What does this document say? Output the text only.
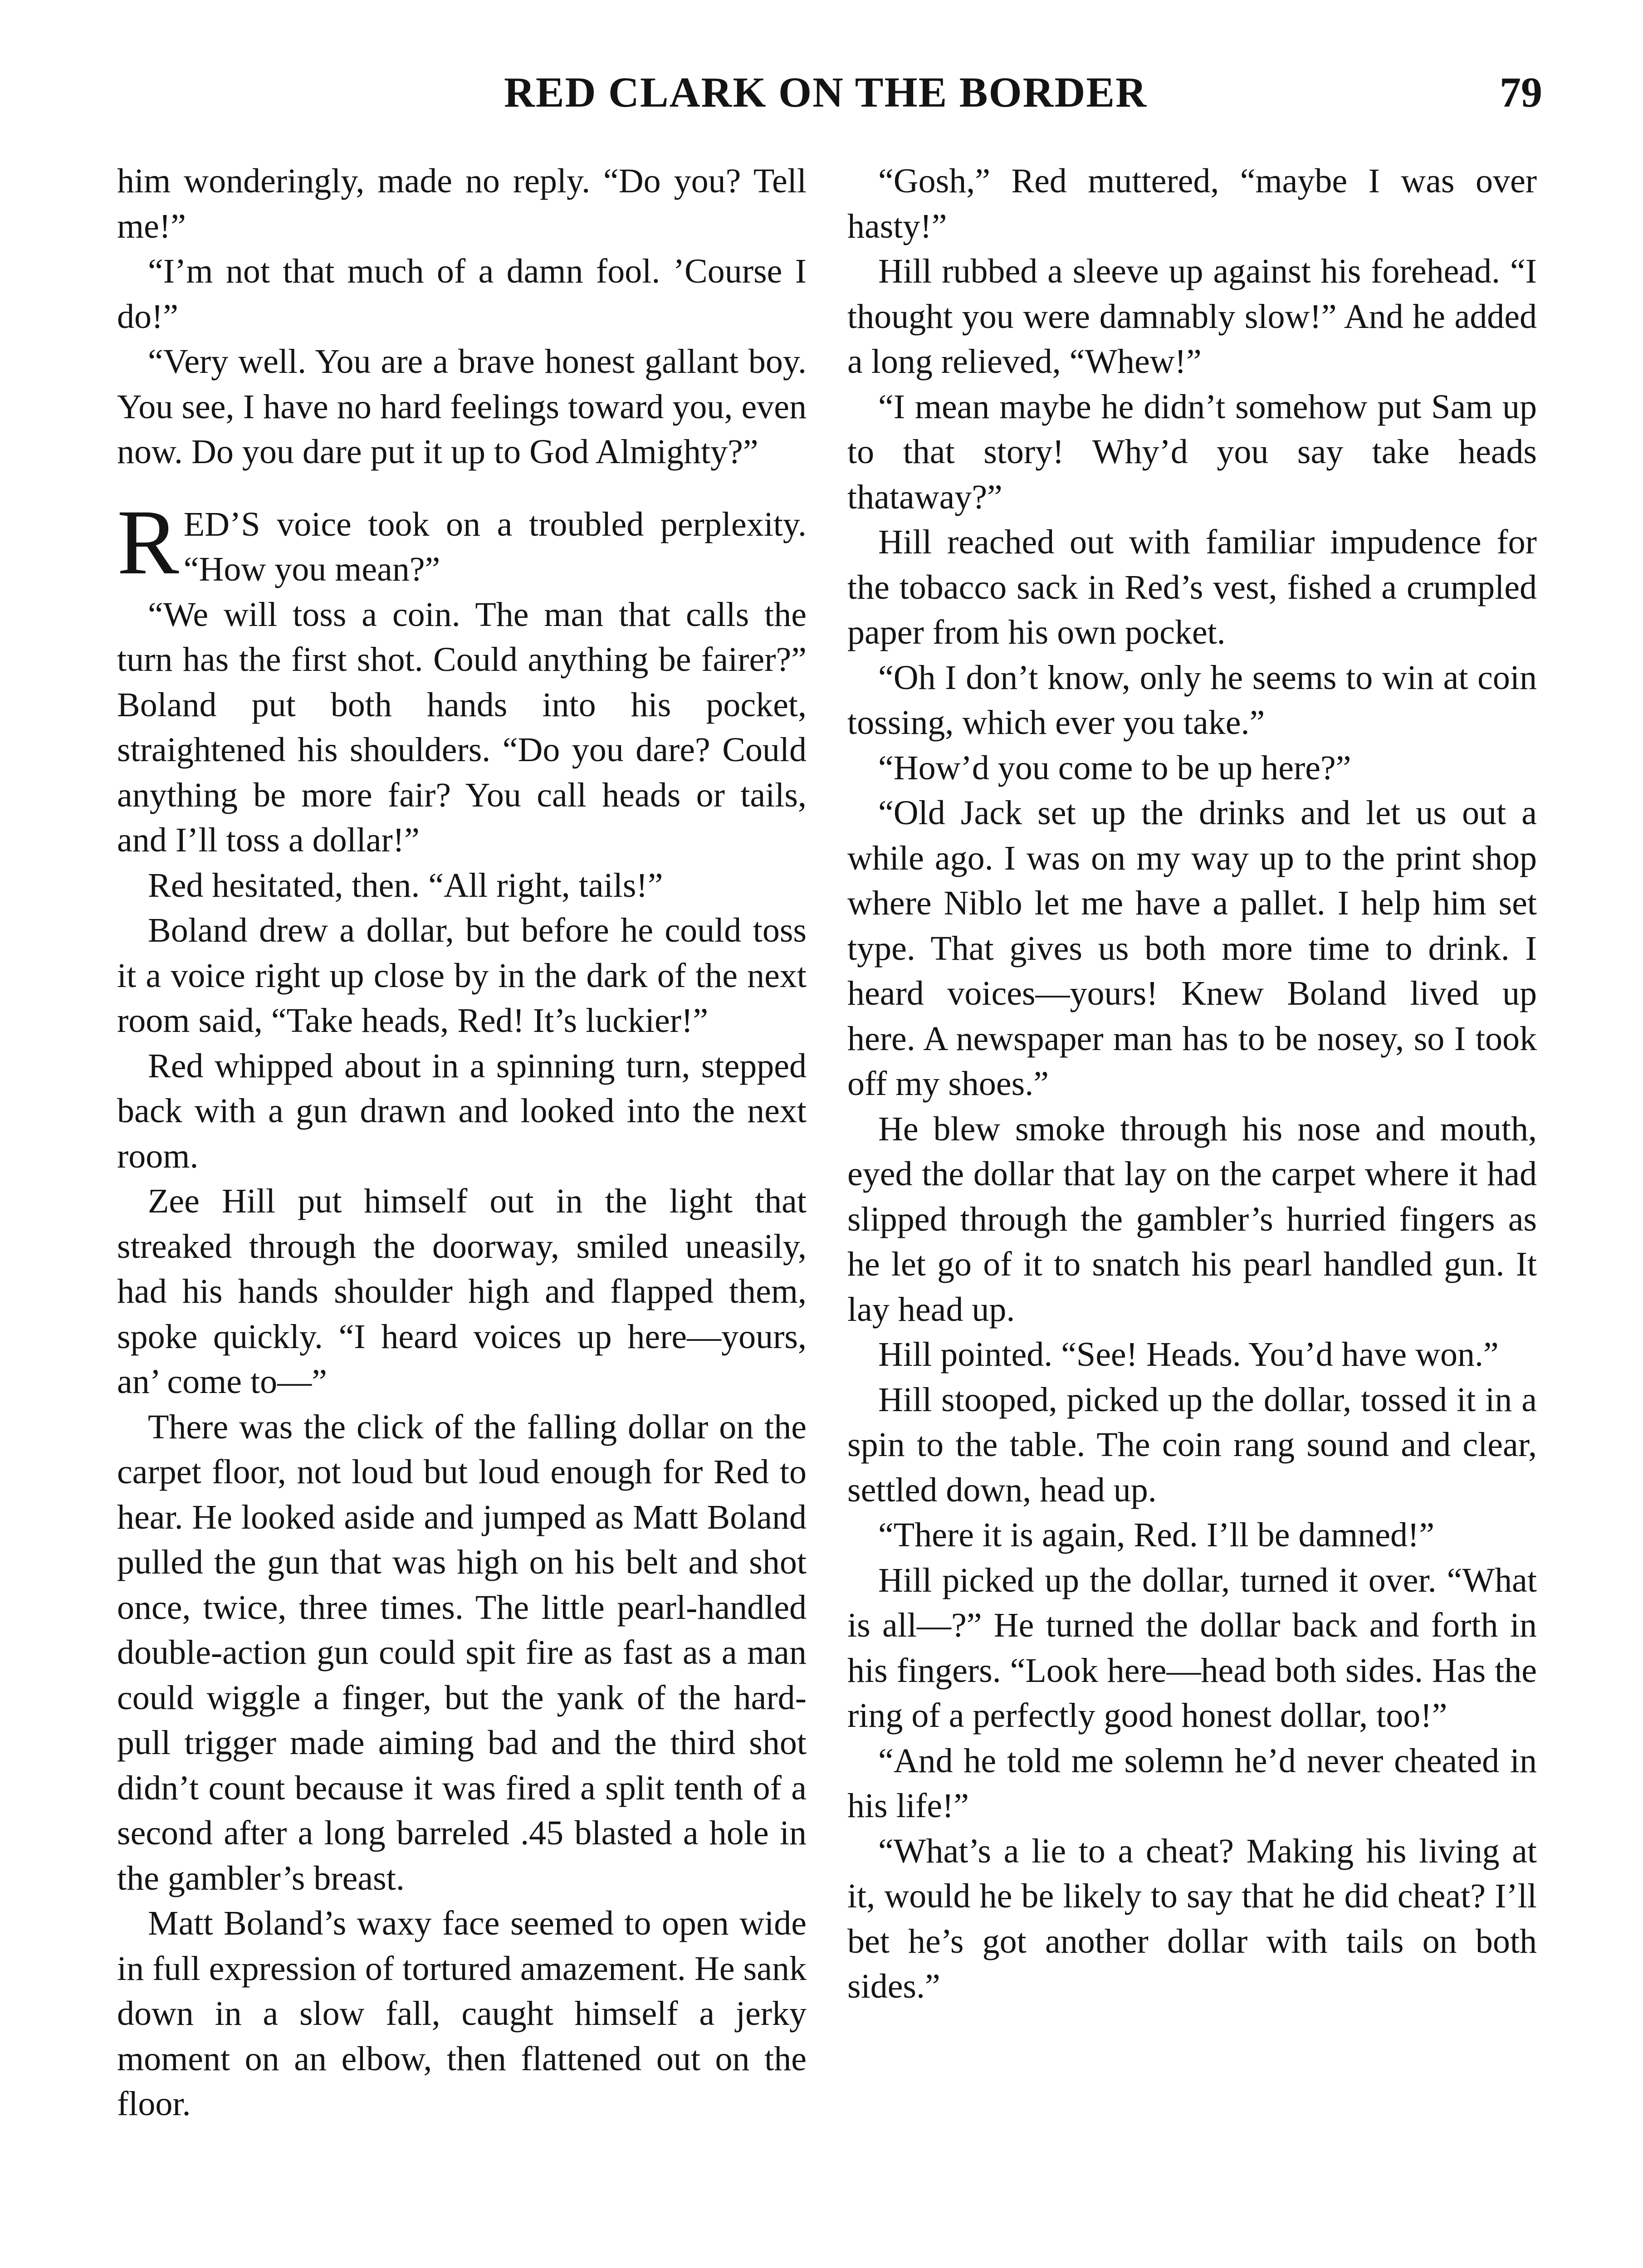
RED CLARK ON THE BORDER	79

him wonderingly, made no reply. “Do you? Tell me!”

“I’m not that much of a damn fool. ’Course I do!”

“Very well. You are a brave honest gallant boy. You see, I have no hard feelings toward you, even now. Do you dare put it up to God Almighty?”

RED’S voice took on a troubled perplexity. “How you mean?”

“We will toss a coin. The man that calls the turn has the first shot. Could anything be fairer?” Boland put both hands into his pocket, straightened his shoulders. “Do you dare? Could anything be more fair? You call heads or tails, and I’ll toss a dollar!”

Red hesitated, then. “All right, tails!”

Boland drew a dollar, but before he could toss it a voice right up close by in the dark of the next room said, “Take heads, Red! It’s luckier!”

Red whipped about in a spinning turn, stepped back with a gun drawn and looked into the next room.

Zee Hill put himself out in the light that streaked through the doorway, smiled uneasily, had his hands shoulder high and flapped them, spoke quickly. “I heard voices up here—yours, an’ come to—”

There was the click of the falling dollar on the carpet floor, not loud but loud enough for Red to hear. He looked aside and jumped as Matt Boland pulled the gun that was high on his belt and shot once, twice, three times. The little pearl-handled double-action gun could spit fire as fast as a man could wiggle a finger, but the yank of the hard-pull trigger made aiming bad and the third shot didn’t count because it was fired a split tenth of a second after a long barreled .45 blasted a hole in the gambler’s breast.

Matt Boland’s waxy face seemed to open wide in full expression of tortured amazement. He sank down in a slow fall, caught himself a jerky moment on an elbow, then flattened out on the floor.

“Gosh,” Red muttered, “maybe I was over hasty!”

Hill rubbed a sleeve up against his forehead. “I thought you were damnably slow!” And he added a long relieved, “Whew!”

“I mean maybe he didn’t somehow put Sam up to that story! Why’d you say take heads thataway?”

Hill reached out with familiar impudence for the tobacco sack in Red’s vest, fished a crumpled paper from his own pocket.

“Oh I don’t know, only he seems to win at coin tossing, which ever you take.”

“How’d you come to be up here?”

“Old Jack set up the drinks and let us out a while ago. I was on my way up to the print shop where Niblo let me have a pallet. I help him set type. That gives us both more time to drink. I heard voices—yours! Knew Boland lived up here. A newspaper man has to be nosey, so I took off my shoes.”

He blew smoke through his nose and mouth, eyed the dollar that lay on the carpet where it had slipped through the gambler’s hurried fingers as he let go of it to snatch his pearl handled gun. It lay head up.

Hill pointed. “See! Heads. You’d have won.”

Hill stooped, picked up the dollar, tossed it in a spin to the table. The coin rang sound and clear, settled down, head up.

“There it is again, Red. I’ll be damned!”

Hill picked up the dollar, turned it over. “What is all—?” He turned the dollar back and forth in his fingers. “Look here—head both sides. Has the ring of a perfectly good honest dollar, too!”

“And he told me solemn he’d never cheated in his life!”

“What’s a lie to a cheat? Making his living at it, would he be likely to say that he did cheat? I’ll bet he’s got another dollar with tails on both sides.”
